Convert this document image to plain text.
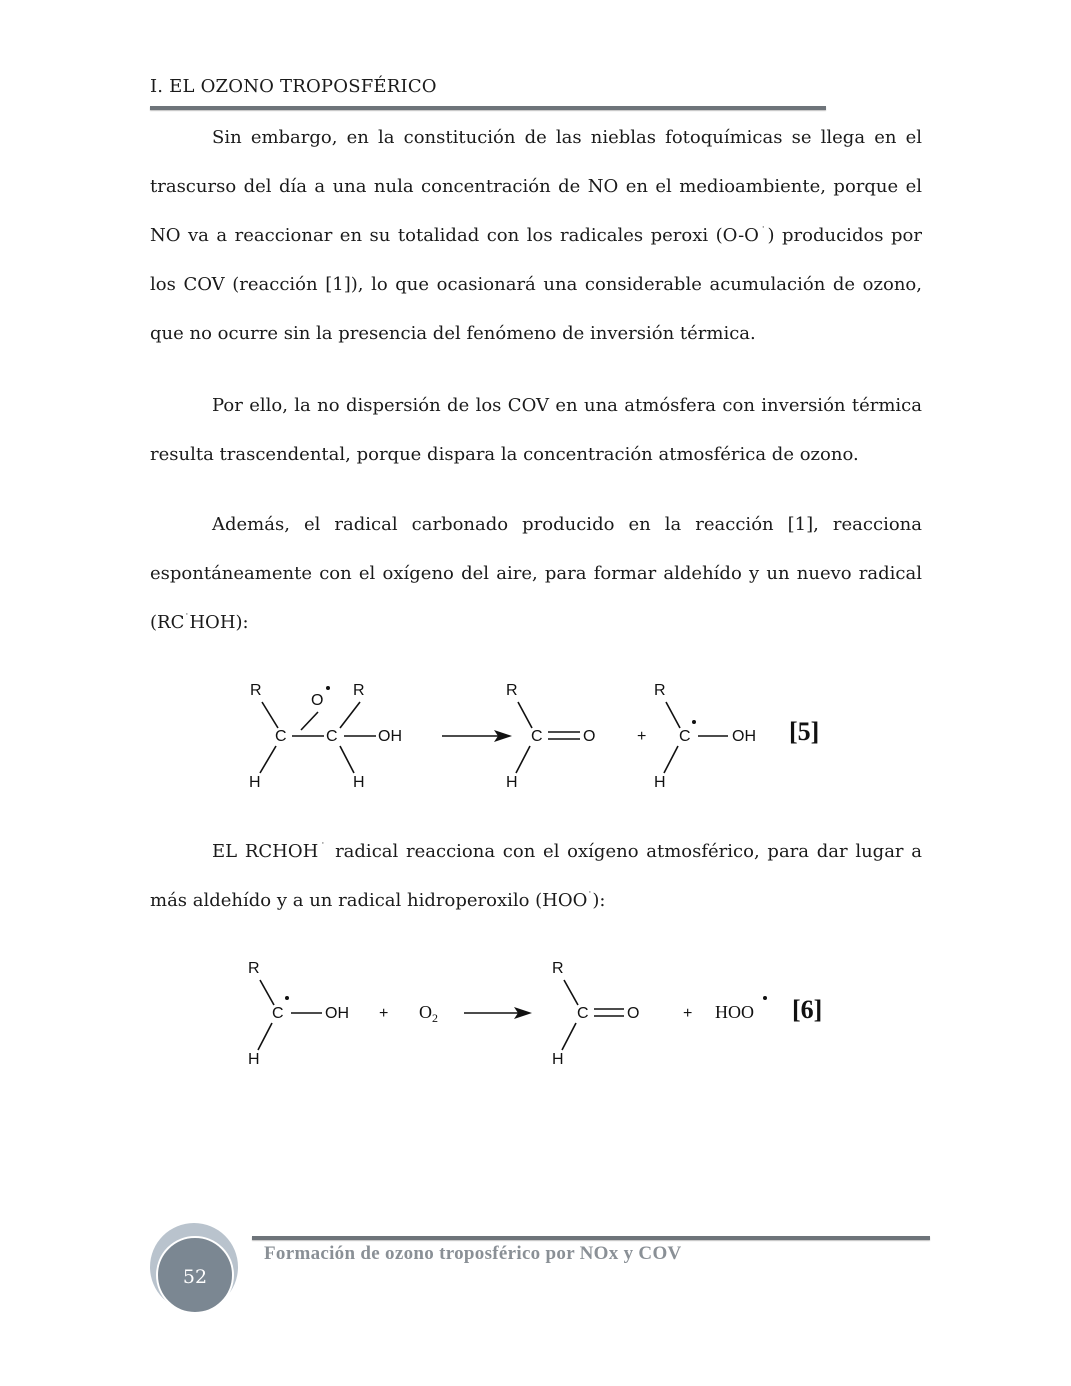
I. EL OZONO TROPOSFÉRICO

Sin embargo, en la constitución de las nieblas fotoquímicas se llega en el trascurso del día a una nula concentración de NO en el medioambiente, porque el NO va a reaccionar en su totalidad con los radicales peroxi (O-O˙) producidos por los COV (reacción [1]), lo que ocasionará una considerable acumulación de ozono, que no ocurre sin la presencia del fenómeno de inversión térmica.

Por ello, la no dispersión de los COV en una atmósfera con inversión térmica resulta trascendental, porque dispara la concentración atmosférica de ozono.

Además, el radical carbonado producido en la reacción [1], reacciona espontáneamente con el oxígeno del aire, para formar aldehído y un nuevo radical (RC˙HOH):

R
O
R
C C	OH
H	H
R
C	O
H
+
R
C	OH
H
[5]

EL RCHOH˙ radical reacciona con el oxígeno atmosférico, para dar lugar a más aldehído y a un radical hidroperoxilo (HOO˙):

R
C	OH
H
+ $O_2$
R
C O
H
+ HOO [6]
52
Formación de ozono troposférico por NOx y COV
